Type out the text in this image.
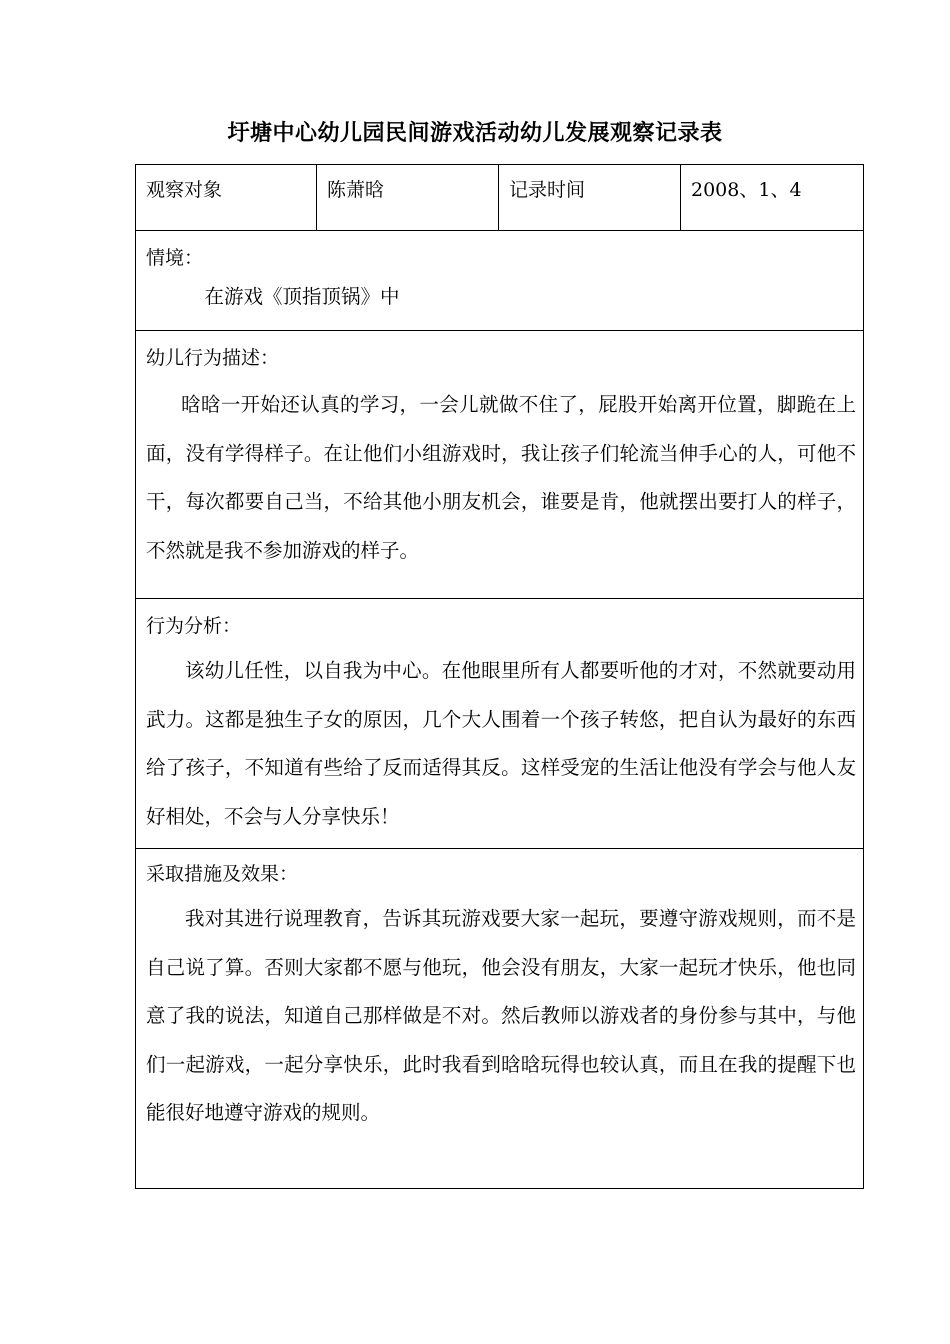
圩塘中心幼儿园民间游戏活动幼儿发展观察记录表
观察对象	陈萧晗	记录时间	2008、1、4
情境：
在游戏《顶指顶锅》中
幼儿行为描述：
晗晗一开始还认真的学习，一会儿就做不住了，屁股开始离开位置，脚跪在上面，没有学得样子。在让他们小组游戏时，我让孩子们轮流当伸手心的人，可他不干，每次都要自己当，不给其他小朋友机会，谁要是肯，他就摆出要打人的样子，不然就是我不参加游戏的样子。
行为分析：
该幼儿任性，以自我为中心。在他眼里所有人都要听他的才对，不然就要动用武力。这都是独生子女的原因，几个大人围着一个孩子转悠，把自认为最好的东西给了孩子，不知道有些给了反而适得其反。这样受宠的生活让他没有学会与他人友好相处，不会与人分享快乐！
采取措施及效果：
我对其进行说理教育，告诉其玩游戏要大家一起玩，要遵守游戏规则，而不是自己说了算。否则大家都不愿与他玩，他会没有朋友，大家一起玩才快乐，他也同意了我的说法，知道自己那样做是不对。然后教师以游戏者的身份参与其中，与他们一起游戏，一起分享快乐，此时我看到晗晗玩得也较认真，而且在我的提醒下也能很好地遵守游戏的规则。
